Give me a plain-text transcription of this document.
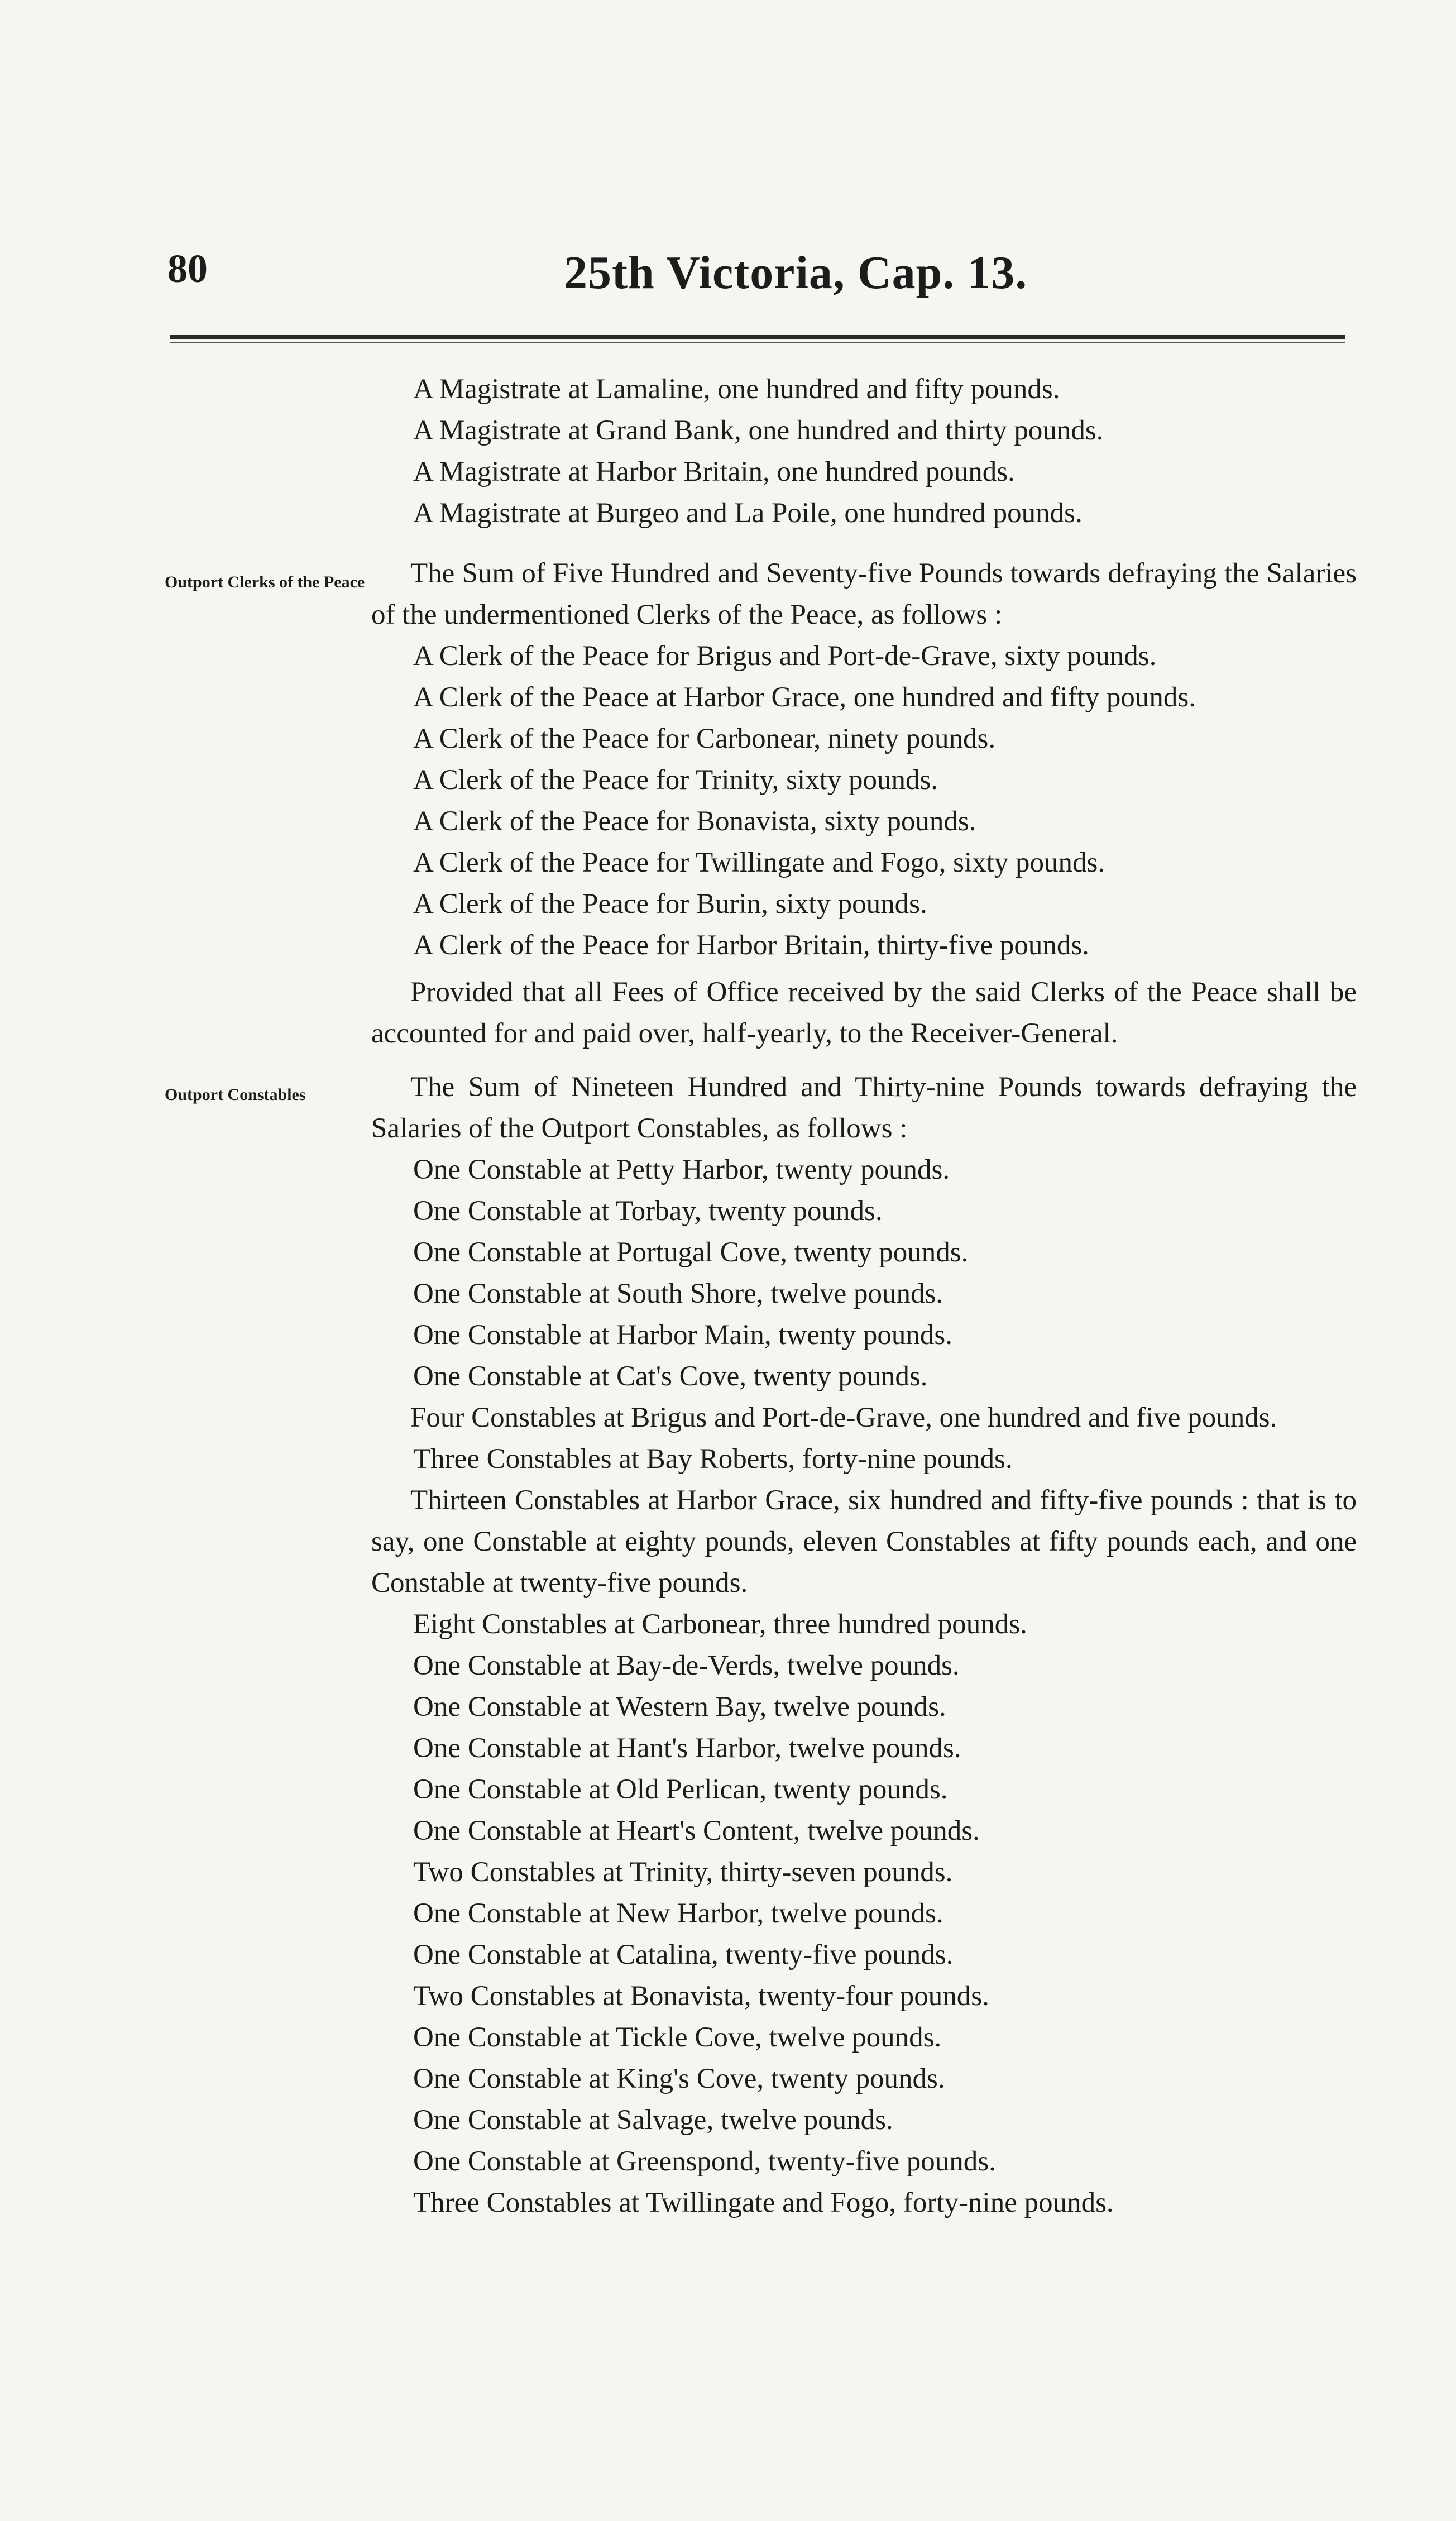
80	25th Victoria, Cap. 13.
A Magistrate at Lamaline, one hundred and fifty pounds.
A Magistrate at Grand Bank, one hundred and thirty pounds.
A Magistrate at Harbor Britain, one hundred pounds.
A Magistrate at Burgeo and La Poile, one hundred pounds.
Outport Clerks of the Peace	The Sum of Five Hundred and Seventy-five Pounds towards defraying the Salaries of the undermentioned Clerks of the Peace, as follows :
A Clerk of the Peace for Brigus and Port-de-Grave, sixty pounds.
A Clerk of the Peace at Harbor Grace, one hundred and fifty pounds.
A Clerk of the Peace for Carbonear, ninety pounds.
A Clerk of the Peace for Trinity, sixty pounds.
A Clerk of the Peace for Bonavista, sixty pounds.
A Clerk of the Peace for Twillingate and Fogo, sixty pounds.
A Clerk of the Peace for Burin, sixty pounds.
A Clerk of the Peace for Harbor Britain, thirty-five pounds.
Provided that all Fees of Office received by the said Clerks of the Peace shall be accounted for and paid over, half-yearly, to the Receiver-General.
Outport Constables	The Sum of Nineteen Hundred and Thirty-nine Pounds towards defraying the Salaries of the Outport Constables, as follows :
One Constable at Petty Harbor, twenty pounds.
One Constable at Torbay, twenty pounds.
One Constable at Portugal Cove, twenty pounds.
One Constable at South Shore, twelve pounds.
One Constable at Harbor Main, twenty pounds.
One Constable at Cat's Cove, twenty pounds.
Four Constables at Brigus and Port-de-Grave, one hundred and five pounds.
Three Constables at Bay Roberts, forty-nine pounds.
Thirteen Constables at Harbor Grace, six hundred and fifty-five pounds : that is to say, one Constable at eighty pounds, eleven Constables at fifty pounds each, and one Constable at twenty-five pounds.
Eight Constables at Carbonear, three hundred pounds.
One Constable at Bay-de-Verds, twelve pounds.
One Constable at Western Bay, twelve pounds.
One Constable at Hant's Harbor, twelve pounds.
One Constable at Old Perlican, twenty pounds.
One Constable at Heart's Content, twelve pounds.
Two Constables at Trinity, thirty-seven pounds.
One Constable at New Harbor, twelve pounds.
One Constable at Catalina, twenty-five pounds.
Two Constables at Bonavista, twenty-four pounds.
One Constable at Tickle Cove, twelve pounds.
One Constable at King's Cove, twenty pounds.
One Constable at Salvage, twelve pounds.
One Constable at Greenspond, twenty-five pounds.
Three Constables at Twillingate and Fogo, forty-nine pounds.
